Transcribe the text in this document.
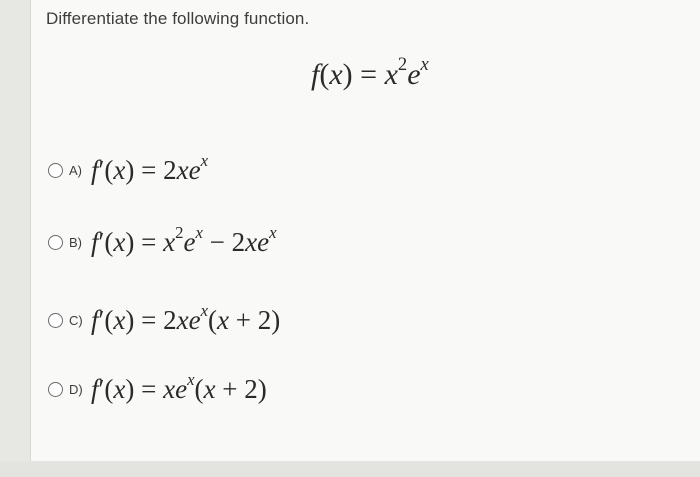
Differentiate the following function.
$f(x) = x^2e^x$
A) $f'(x) = 2xe^x$
B) $f'(x) = x^2e^x - 2xe^x$
C) $f'(x) = 2xe^x(x + 2)$
D) $f'(x) = xe^x(x + 2)$
